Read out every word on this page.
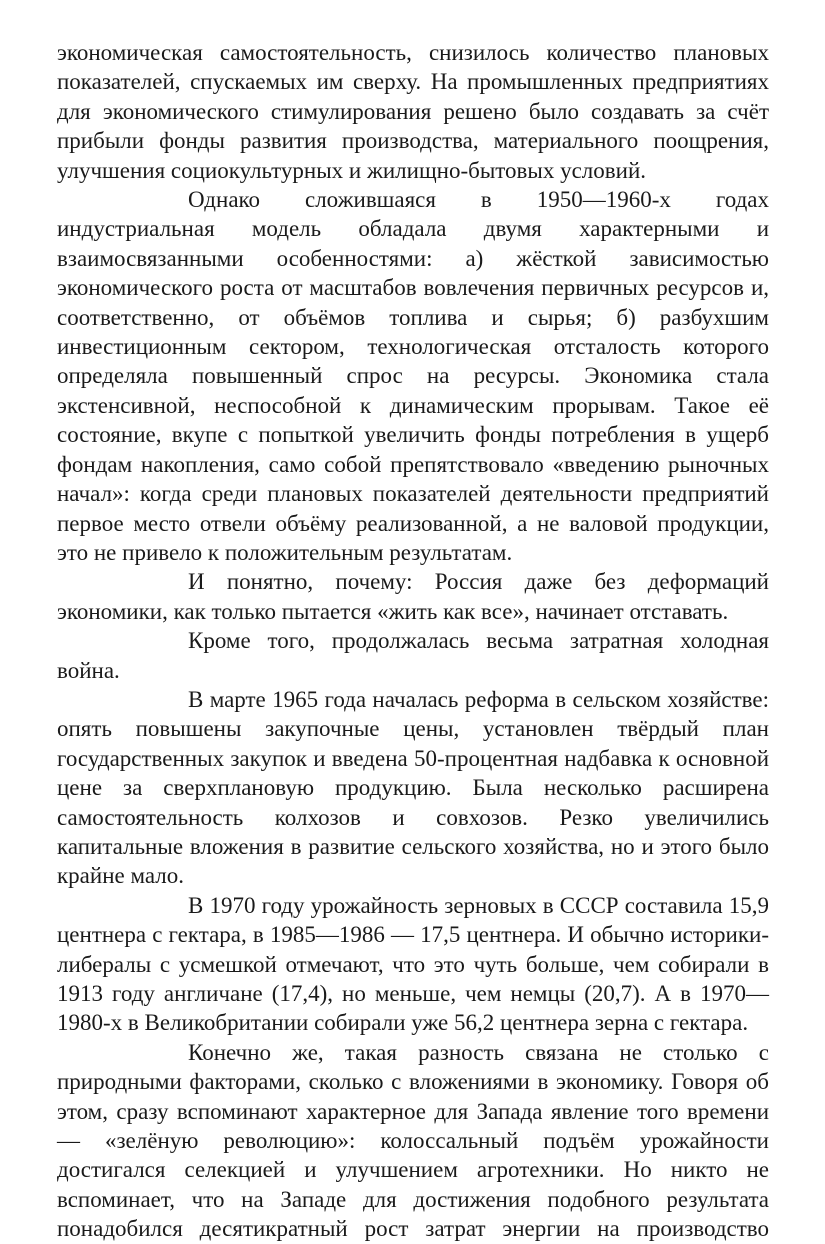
экономическая самостоятельность, снизилось количество плановых показателей, спускаемых им сверху. На промышленных предприятиях для экономического стимулирования решено было создавать за счёт прибыли фонды развития производства, материального поощрения, улучшения социокультурных и жилищно-бытовых условий.

Однако сложившаяся в 1950—1960-х годах индустриальная модель обладала двумя характерными и взаимосвязанными особенностями: а) жёсткой зависимостью экономического роста от масштабов вовлечения первичных ресурсов и, соответственно, от объёмов топлива и сырья; б) разбухшим инвестиционным сектором, технологическая отсталость которого определяла повышенный спрос на ресурсы. Экономика стала экстенсивной, неспособной к динамическим прорывам. Такое её состояние, вкупе с попыткой увеличить фонды потребления в ущерб фондам накопления, само собой препятствовало «введению рыночных начал»: когда среди плановых показателей деятельности предприятий первое место отвели объёму реализованной, а не валовой продукции, это не привело к положительным результатам.

И понятно, почему: Россия даже без деформаций экономики, как только пытается «жить как все», начинает отставать.

Кроме того, продолжалась весьма затратная холодная война.

В марте 1965 года началась реформа в сельском хозяйстве: опять повышены закупочные цены, установлен твёрдый план государственных закупок и введена 50-процентная надбавка к основной цене за сверхплановую продукцию. Была несколько расширена самостоятельность колхозов и совхозов. Резко увеличились капитальные вложения в развитие сельского хозяйства, но и этого было крайне мало.

В 1970 году урожайность зерновых в СССР составила 15,9 центнера с гектара, в 1985—1986 — 17,5 центнера. И обычно историки-либералы с усмешкой отмечают, что это чуть больше, чем собирали в 1913 году англичане (17,4), но меньше, чем немцы (20,7). А в 1970—1980-х в Великобритании собирали уже 56,2 центнера зерна с гектара.

Конечно же, такая разность связана не столько с природными факторами, сколько с вложениями в экономику. Говоря об этом, сразу вспоминают характерное для Запада явление того времени — «зелёную революцию»: колоссальный подъём урожайности достигался селекцией и улучшением агротехники. Но никто не вспоминает, что на Западе для достижения подобного результата понадобился десятикратный рост затрат энергии на производство
